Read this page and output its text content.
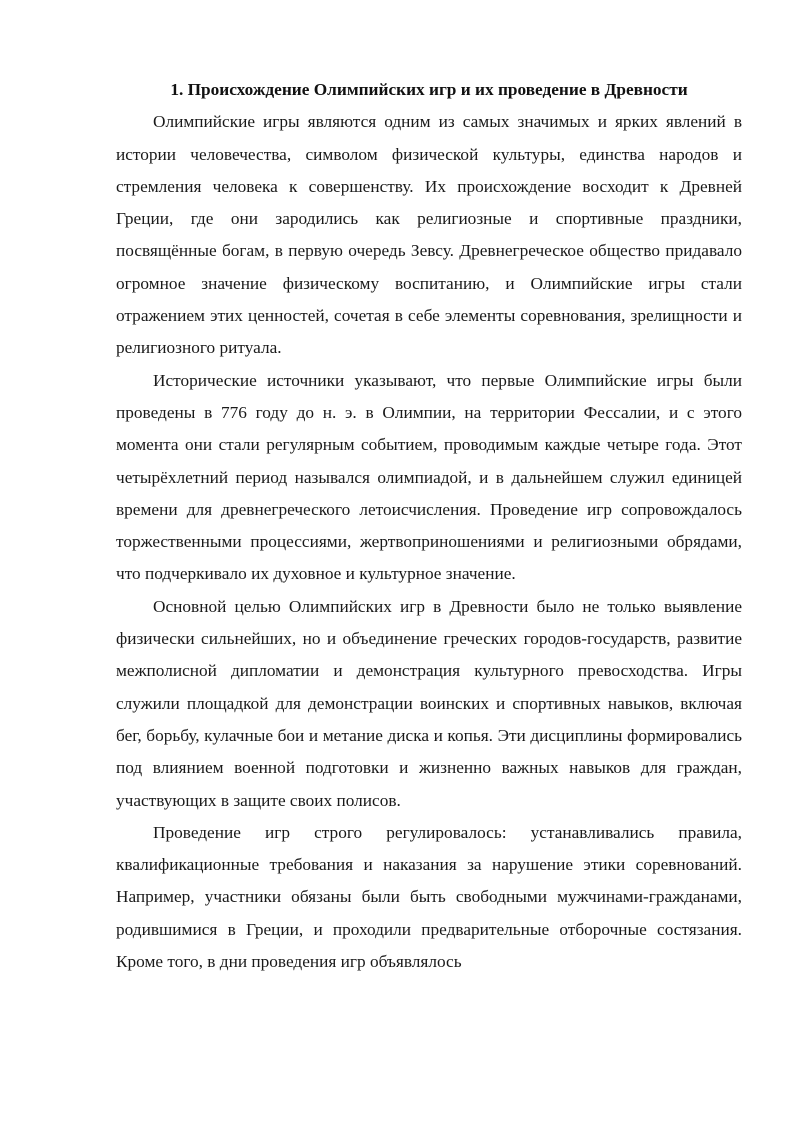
1. Происхождение Олимпийских игр и их проведение в Древности

Олимпийские игры являются одним из самых значимых и ярких явлений в истории человечества, символом физической культуры, единства народов и стремления человека к совершенству. Их происхождение восходит к Древней Греции, где они зародились как религиозные и спортивные праздники, посвящённые богам, в первую очередь Зевсу. Древнегреческое общество придавало огромное значение физическому воспитанию, и Олимпийские игры стали отражением этих ценностей, сочетая в себе элементы соревнования, зрелищности и религиозного ритуала.

Исторические источники указывают, что первые Олимпийские игры были проведены в 776 году до н. э. в Олимпии, на территории Фессалии, и с этого момента они стали регулярным событием, проводимым каждые четыре года. Этот четырёхлетний период назывался олимпиадой, и в дальнейшем служил единицей времени для древнегреческого летоисчисления. Проведение игр сопровождалось торжественными процессиями, жертвоприношениями и религиозными обрядами, что подчеркивало их духовное и культурное значение.

Основной целью Олимпийских игр в Древности было не только выявление физически сильнейших, но и объединение греческих городов-государств, развитие межполисной дипломатии и демонстрация культурного превосходства. Игры служили площадкой для демонстрации воинских и спортивных навыков, включая бег, борьбу, кулачные бои и метание диска и копья. Эти дисциплины формировались под влиянием военной подготовки и жизненно важных навыков для граждан, участвующих в защите своих полисов.

Проведение игр строго регулировалось: устанавливались правила, квалификационные требования и наказания за нарушение этики соревнований. Например, участники обязаны были быть свободными мужчинами-гражданами, родившимися в Греции, и проходили предварительные отборочные состязания. Кроме того, в дни проведения игр объявлялось
